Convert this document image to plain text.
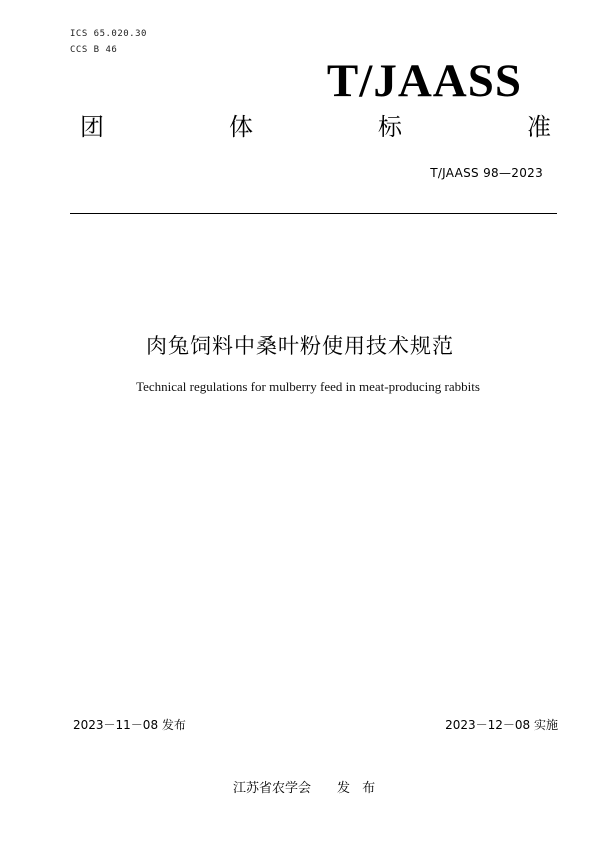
ICS 65.020.30
CCS B 46
T/JAASS
团	体	标	准
T/JAASS 98—2023
肉兔饲料中桑叶粉使用技术规范
Technical regulations for mulberry feed in meat-producing rabbits
2023－11－08 发布	2023－12－08 实施
江苏省农学会 发 布
